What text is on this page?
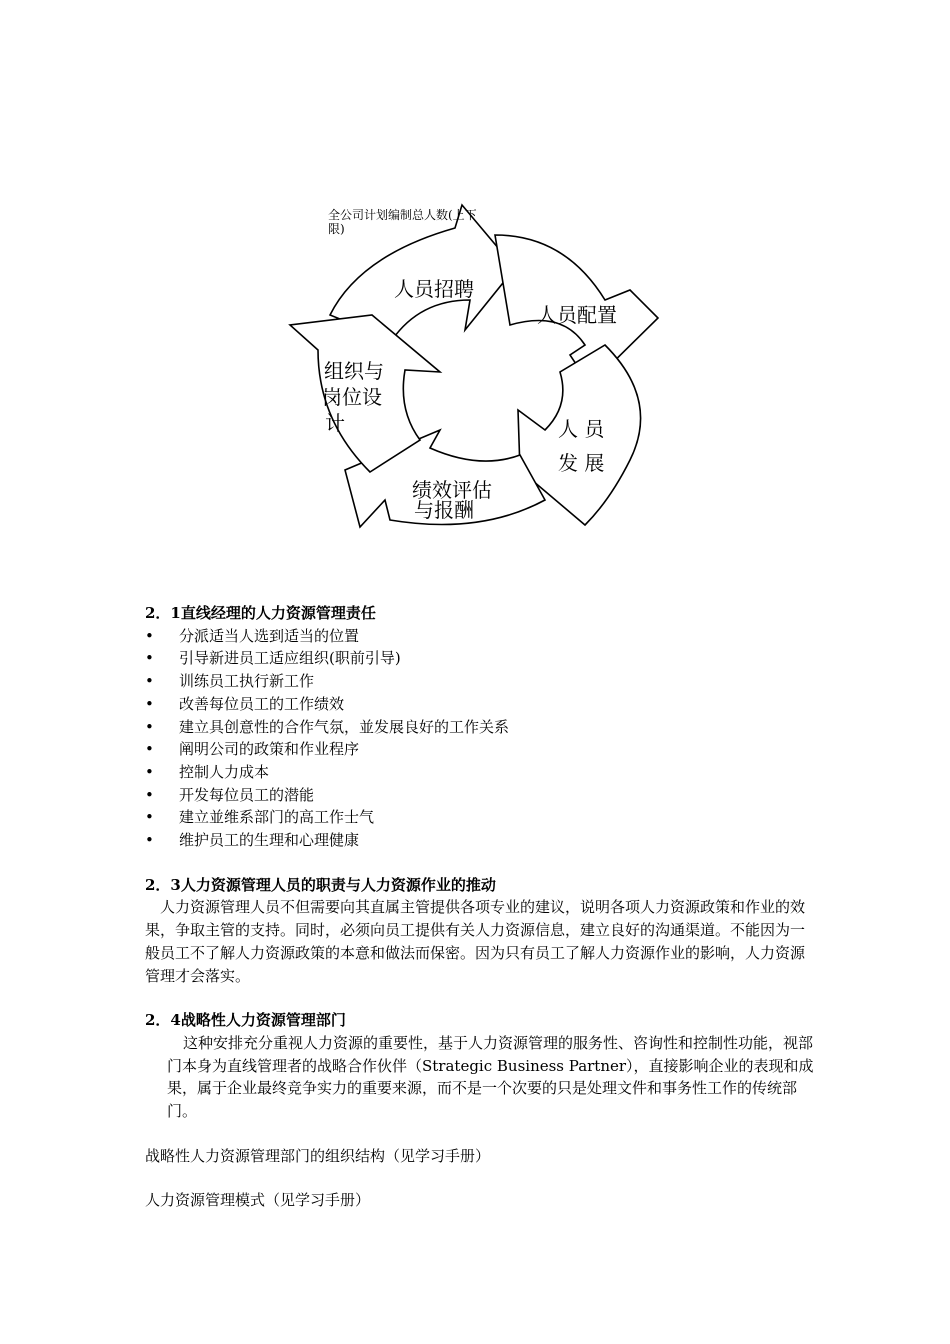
全公司计划编制总人数(上下
限)
人员招聘
人员配置
人 员
发 展
绩效评估
与报酬
组织与
岗位设
计
2．1直线经理的人力资源管理责任
• 分派适当人选到适当的位置
• 引导新进员工适应组织(职前引导)
• 训练员工执行新工作
• 改善每位员工的工作绩效
• 建立具创意性的合作气氛，並发展良好的工作关系
• 阐明公司的政策和作业程序
• 控制人力成本
• 开发每位员工的潜能
• 建立並维系部门的高工作士气
• 维护员工的生理和心理健康
2．3人力资源管理人员的职责与人力资源作业的推动

人力资源管理人员不但需要向其直属主管提供各项专业的建议，说明各项人力资源政策和作业的效果，争取主管的支持。同时，必须向员工提供有关人力资源信息，建立良好的沟通渠道。不能因为一般员工不了解人力资源政策的本意和做法而保密。因为只有员工了解人力资源作业的影响，人力资源管理才会落实。

2．4战略性人力资源管理部门

这种安排充分重视人力资源的重要性，基于人力资源管理的服务性、咨询性和控制性功能，视部门本身为直线管理者的战略合作伙伴（Strategic Business Partner），直接影响企业的表现和成果，属于企业最终竞争实力的重要来源，而不是一个次要的只是处理文件和事务性工作的传统部门。

战略性人力资源管理部门的组织结构（见学习手册）

人力资源管理模式（见学习手册）
